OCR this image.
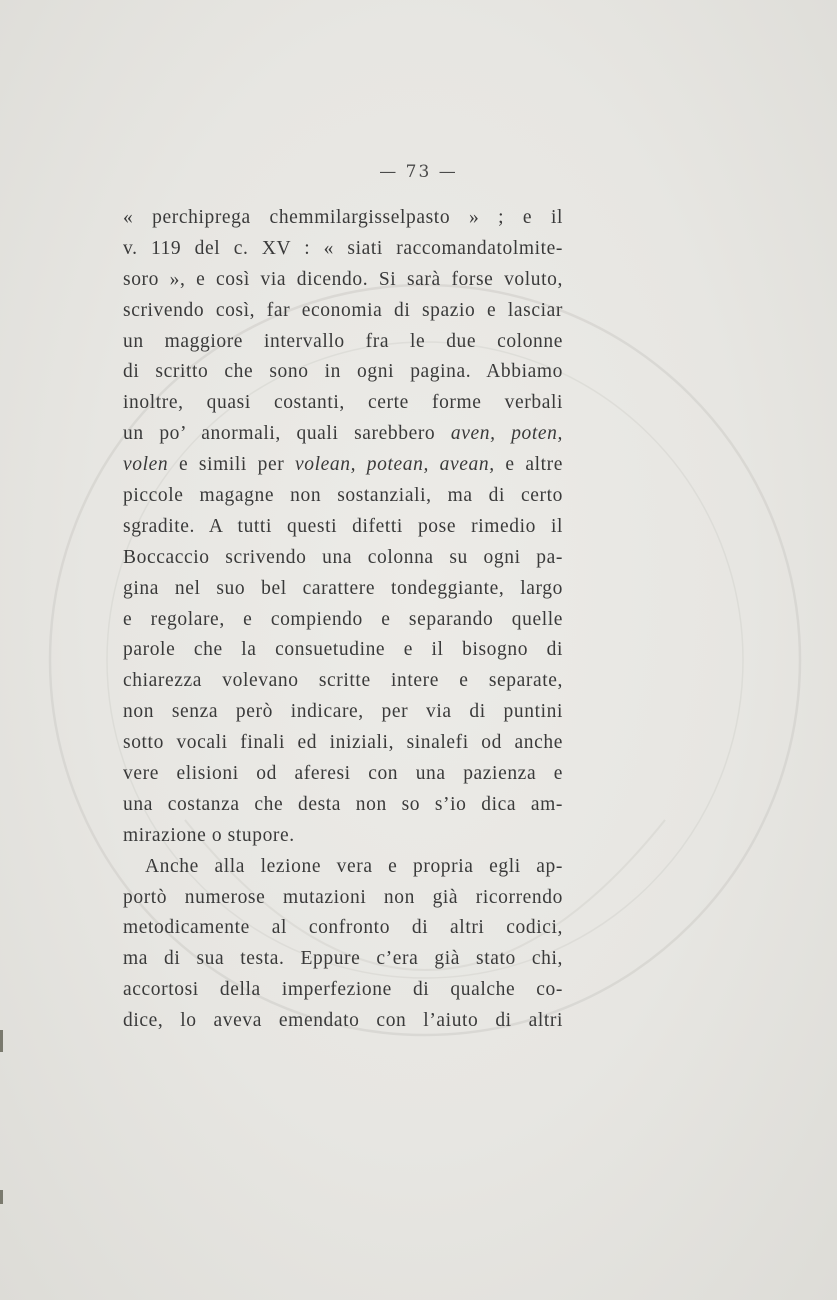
— 73 —
« perchiprega chemmilargisselpasto » ; e il
v. 119 del c. XV : « siati raccomandatolmite-
soro », e così via dicendo. Si sarà forse voluto,
scrivendo così, far economia di spazio e lasciar
un maggiore intervallo fra le due colonne
di scritto che sono in ogni pagina. Abbiamo
inoltre, quasi costanti, certe forme verbali
un po’ anormali, quali sarebbero aven, poten,
volen e simili per volean, potean, avean, e altre
piccole magagne non sostanziali, ma di certo
sgradite. A tutti questi difetti pose rimedio il
Boccaccio scrivendo una colonna su ogni pa-
gina nel suo bel carattere tondeggiante, largo
e regolare, e compiendo e separando quelle
parole che la consuetudine e il bisogno di
chiarezza volevano scritte intere e separate,
non senza però indicare, per via di puntini
sotto vocali finali ed iniziali, sinalefi od anche
vere elisioni od aferesi con una pazienza e
una costanza che desta non so s’io dica am-
mirazione o stupore.
Anche alla lezione vera e propria egli ap-
portò numerose mutazioni non già ricorrendo
metodicamente al confronto di altri codici,
ma di sua testa. Eppure c’era già stato chi,
accortosi della imperfezione di qualche co-
dice, lo aveva emendato con l’aiuto di altri
